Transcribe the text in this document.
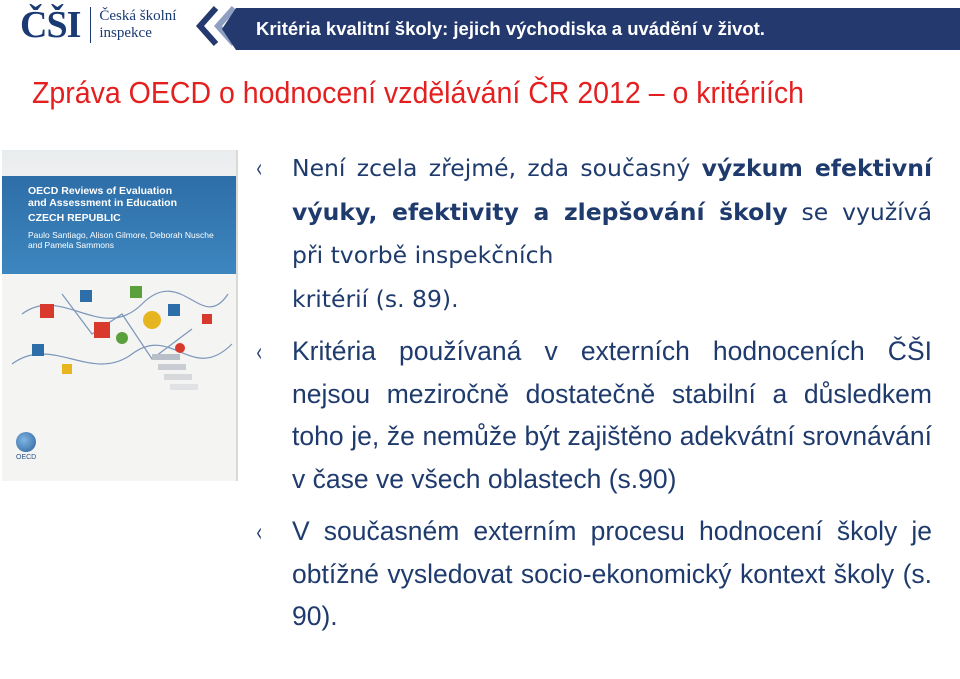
ČŠI Česká školní
inspekce	Kritéria kvalitní školy: jejich východiska a uvádění v život.
Zpráva OECD o hodnocení vzdělávání ČR 2012 – o kritériích
OECD Reviews of Evaluation
and Assessment in Education
CZECH REPUBLIC
Paulo Santiago, Alison Gilmore, Deborah Nusche
and Pamela Sammons
OECD
‹ Není zcela zřejmé, zda současný výzkum efektivní výuky, efektivity a zlepšování školy se využívá při tvorbě inspekčních
kritérií (s. 89).
‹ Kritéria používaná v externích hodnoceních ČŠI nejsou meziročně dostatečně stabilní a důsledkem toho je, že nemůže být zajištěno adekvátní srovnávání v čase ve všech oblastech (s.90)
‹ V současném externím procesu hodnocení školy je obtížné vysledovat socio-ekonomický kontext školy (s. 90).
